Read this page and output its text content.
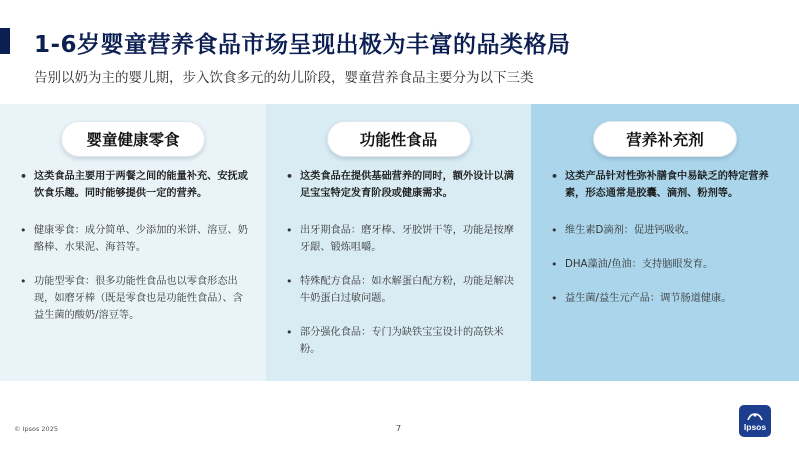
1-6岁婴童营养食品市场呈现出极为丰富的品类格局
告别以奶为主的婴儿期，步入饮食多元的幼儿阶段，婴童营养食品主要分为以下三类
婴童健康零食
• 这类食品主要用于两餐之间的能量补充、安抚或饮食乐趣。同时能够提供一定的营养。
• 健康零食：成分简单、少添加的米饼、溶豆、奶酪棒、水果泥、海苔等。
• 功能型零食：很多功能性食品也以零食形态出现，如磨牙棒（既是零食也是功能性食品）、含益生菌的酸奶/溶豆等。
功能性食品
• 这类食品在提供基础营养的同时，额外设计以满足宝宝特定发育阶段或健康需求。
• 出牙期食品：磨牙棒、牙胶饼干等，功能是按摩牙龈、锻炼咀嚼。
• 特殊配方食品：如水解蛋白配方粉，功能是解决牛奶蛋白过敏问题。
• 部分强化食品：专门为缺铁宝宝设计的高铁米粉。
营养补充剂
• 这类产品针对性弥补膳食中易缺乏的特定营养素，形态通常是胶囊、滴剂、粉剂等。
• 维生素D滴剂：促进钙吸收。
• DHA藻油/鱼油：支持脑眼发育。
• 益生菌/益生元产品：调节肠道健康。
© Ipsos 2025	7	Ipsos
